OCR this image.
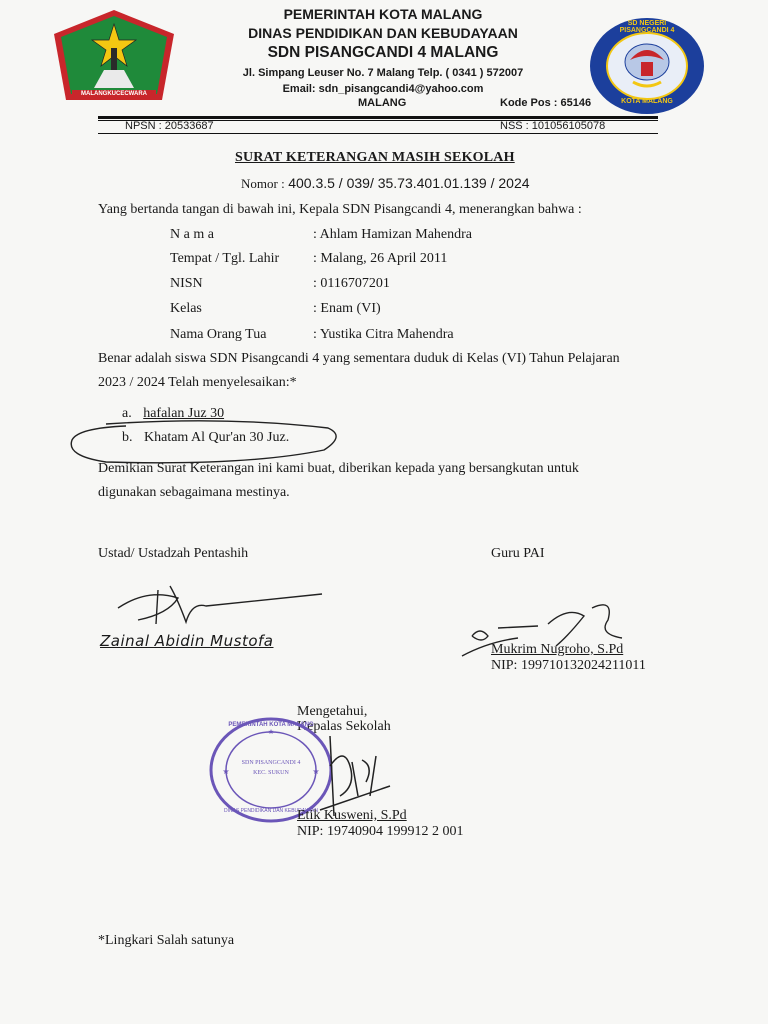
MALANGKUCECWARA
SD NEGERI PISANGCANDI 4
KOTA MALANG
PEMERINTAH KOTA MALANG
DINAS PENDIDIKAN DAN KEBUDAYAAN
SDN PISANGCANDI 4 MALANG
Jl. Simpang Leuser No. 7 Malang Telp. ( 0341 ) 572007
Email: sdn_pisangcandi4@yahoo.com
MALANG	Kode Pos : 65146
NPSN : 20533687	NSS : 101056105078
SURAT KETERANGAN MASIH SEKOLAH
Nomor : 400.3.5 / 039/ 35.73.401.01.139 / 2024
Yang bertanda tangan di bawah ini, Kepala SDN Pisangcandi 4, menerangkan bahwa :
N a m a	: Ahlam Hamizan Mahendra
Tempat / Tgl. Lahir : Malang, 26 April 2011
NISN	: 0116707201
Kelas	: Enam (VI)
Nama Orang Tua	: Yustika Citra Mahendra
Benar adalah siswa SDN Pisangcandi 4 yang sementara duduk di Kelas (VI) Tahun Pelajaran
2023 / 2024 Telah menyelesaikan:*
a. hafalan Juz 30
b. Khatam Al Qur'an 30 Juz.
Demikian Surat Keterangan ini kami buat, diberikan kepada yang bersangkutan untuk
digunakan sebagaimana mestinya.
Ustad/ Ustadzah Pentashih	Guru PAI
Zainal Abidin Mustofa	Mukrim Nugroho, S.Pd
NIP: 199710132024211011
Mengetahui,
Kepalas Sekolah
★
★	★
PEMERINTAH KOTA MALANG
SDN PISANGCANDI 4
KEC. SUKUN
DINAS PENDIDIKAN DAN KEBUDAYAAN
Etik Kusweni, S.Pd
NIP: 19740904 199912 2 001
*Lingkari Salah satunya
